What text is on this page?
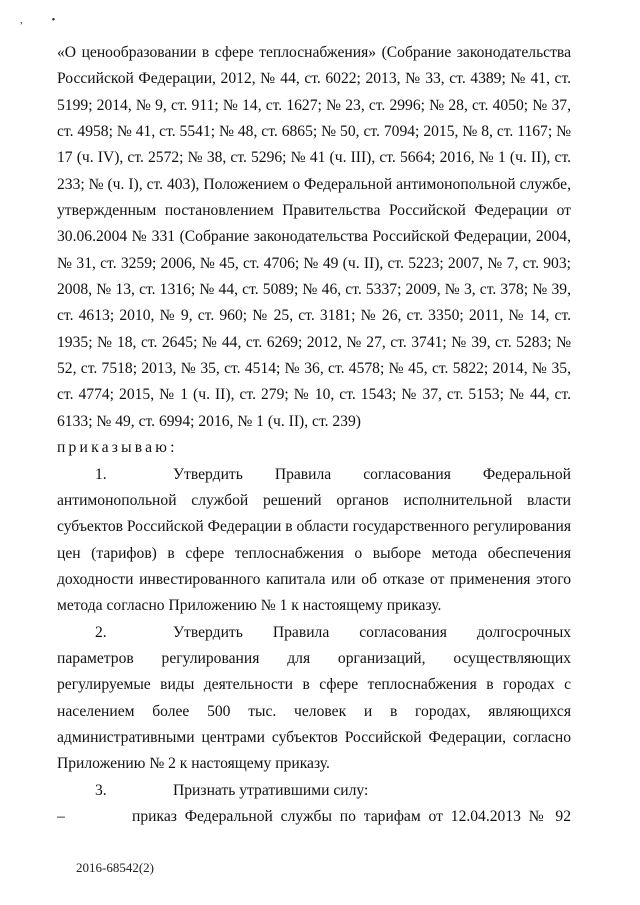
,	•

«О ценообразовании в сфере теплоснабжения» (Собрание законодательства Российской Федерации, 2012, № 44, ст. 6022; 2013, № 33, ст. 4389; № 41, ст. 5199; 2014, № 9, ст. 911; № 14, ст. 1627; № 23, ст. 2996; № 28, ст. 4050; № 37, ст. 4958; № 41, ст. 5541; № 48, ст. 6865; № 50, ст. 7094; 2015, № 8, ст. 1167; № 17 (ч. IV), ст. 2572; № 38, ст. 5296; № 41 (ч. III), ст. 5664; 2016, № 1 (ч. II), ст. 233; № (ч. I), ст. 403), Положением о Федеральной антимонопольной службе, утвержденным постановлением Правительства Российской Федерации от 30.06.2004 № 331 (Собрание законодательства Российской Федерации, 2004, № 31, ст. 3259; 2006, № 45, ст. 4706; № 49 (ч. II), ст. 5223; 2007, № 7, ст. 903; 2008, № 13, ст. 1316; № 44, ст. 5089; № 46, ст. 5337; 2009, № 3, ст. 378; № 39, ст. 4613; 2010, № 9, ст. 960; № 25, ст. 3181; № 26, ст. 3350; 2011, № 14, ст. 1935; № 18, ст. 2645; № 44, ст. 6269; 2012, № 27, ст. 3741; № 39, ст. 5283; № 52, ст. 7518; 2013, № 35, ст. 4514; № 36, ст. 4578; № 45, ст. 5822; 2014, № 35, ст. 4774; 2015, № 1 (ч. II), ст. 279; № 10, ст. 1543; № 37, ст. 5153; № 44, ст. 6133; № 49, ст. 6994; 2016, № 1 (ч. II), ст. 239)

приказываю:

1.	Утвердить Правила согласования Федеральной антимонопольной службой решений органов исполнительной власти субъектов Российской Федерации в области государственного регулирования цен (тарифов) в сфере теплоснабжения о выборе метода обеспечения доходности инвестированного капитала или об отказе от применения этого метода согласно Приложению № 1 к настоящему приказу.

2.	Утвердить Правила согласования долгосрочных параметров регулирования для организаций, осуществляющих регулируемые виды деятельности в сфере теплоснабжения в городах с населением более 500 тыс. человек и в городах, являющихся административными центрами субъектов Российской Федерации, согласно Приложению № 2 к настоящему приказу.

3.	Признать утратившими силу:

–	приказ Федеральной службы по тарифам от 12.04.2013 № 92
2016-68542(2)
